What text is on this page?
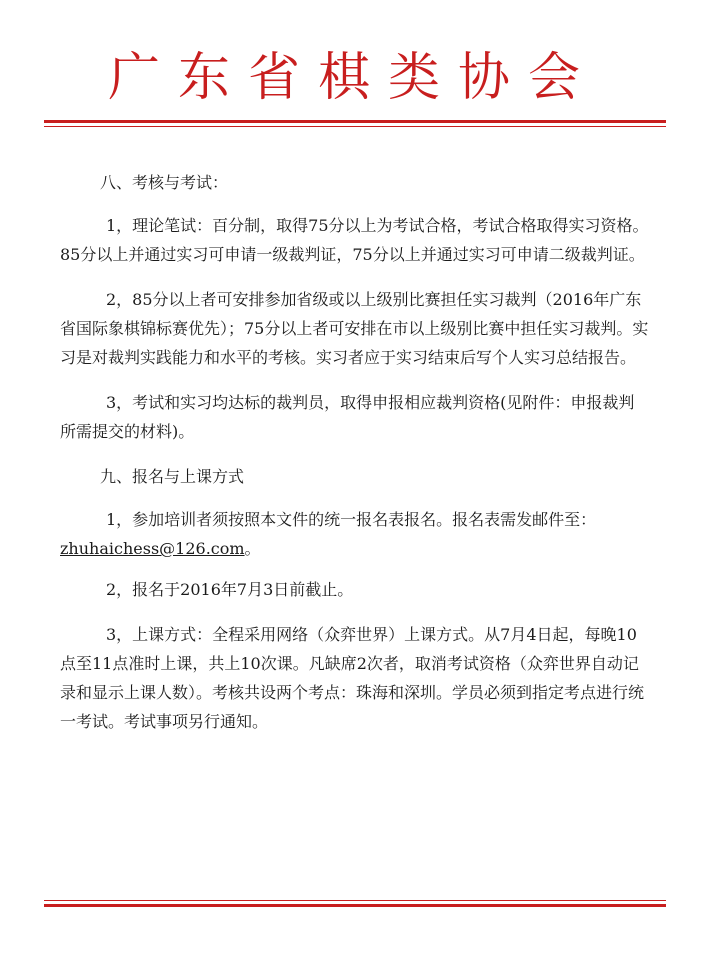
广东省棋类协会
八、考核与考试：

1，理论笔试：百分制，取得75分以上为考试合格，考试合格取得实习资格。85分以上并通过实习可申请一级裁判证，75分以上并通过实习可申请二级裁判证。

2，85分以上者可安排参加省级或以上级别比赛担任实习裁判（2016年广东省国际象棋锦标赛优先）；75分以上者可安排在市以上级别比赛中担任实习裁判。实习是对裁判实践能力和水平的考核。实习者应于实习结束后写个人实习总结报告。

3，考试和实习均达标的裁判员，取得申报相应裁判资格(见附件：申报裁判所需提交的材料)。

九、报名与上课方式

1，参加培训者须按照本文件的统一报名表报名。报名表需发邮件至：zhuhaichess@126.com。

2，报名于2016年7月3日前截止。

3，上课方式：全程采用网络（众弈世界）上课方式。从7月4日起，每晚10点至11点准时上课，共上10次课。凡缺席2次者，取消考试资格（众弈世界自动记录和显示上课人数）。考核共设两个考点：珠海和深圳。学员必须到指定考点进行统一考试。考试事项另行通知。
